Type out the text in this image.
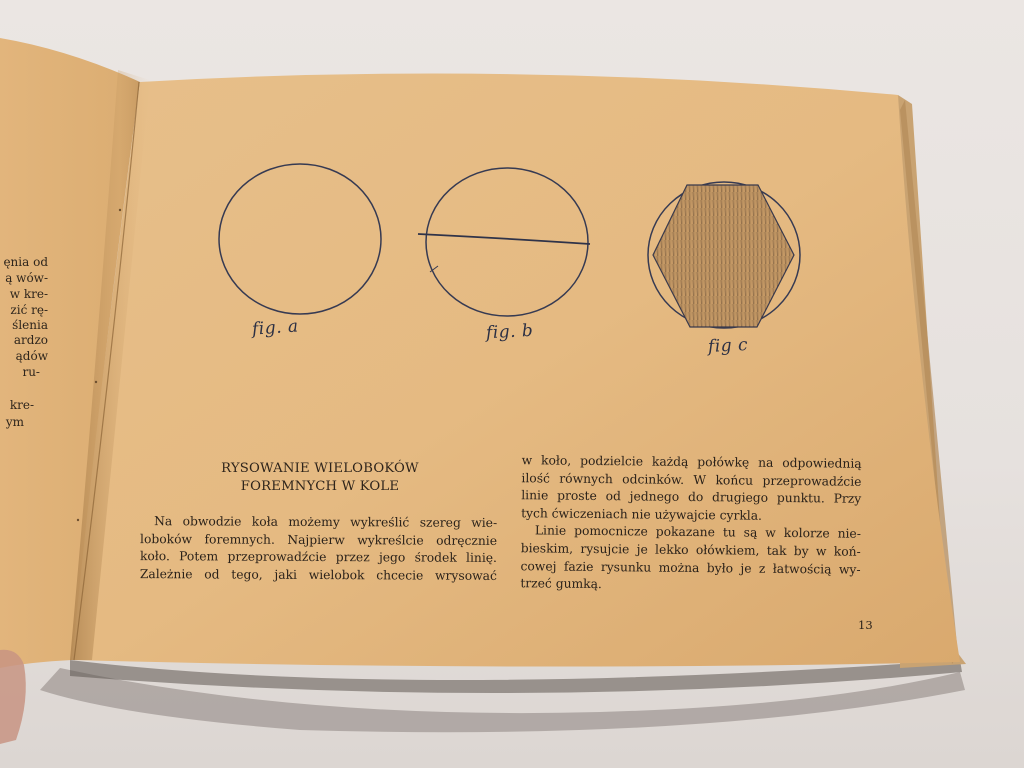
ęnia od
ą wów-
w kre-
zić rę-
ślenia
ardzo
ądów
ru-
kre-
ym

fig. a	fig. b

fig c

RYSOWANIE WIELOBOKÓW
FOREMNYCH W KOLE
Na obwodzie koła możemy wykreślić szereg wie-
loboków foremnych. Najpierw wykreślcie odręcznie
koło. Potem przeprowadźcie przez jego środek linię.
Zależnie od tego, jaki wielobok chcecie wrysować
w koło, podzielcie każdą połówkę na odpowiednią
ilość równych odcinków. W końcu przeprowadźcie
linie proste od jednego do drugiego punktu. Przy
tych ćwiczeniach nie używajcie cyrkla.
Linie pomocnicze pokazane tu są w kolorze nie-
bieskim, rysujcie je lekko ołówkiem, tak by w koń-
cowej fazie rysunku można było je z łatwością wy-
trzeć gumką.

13
